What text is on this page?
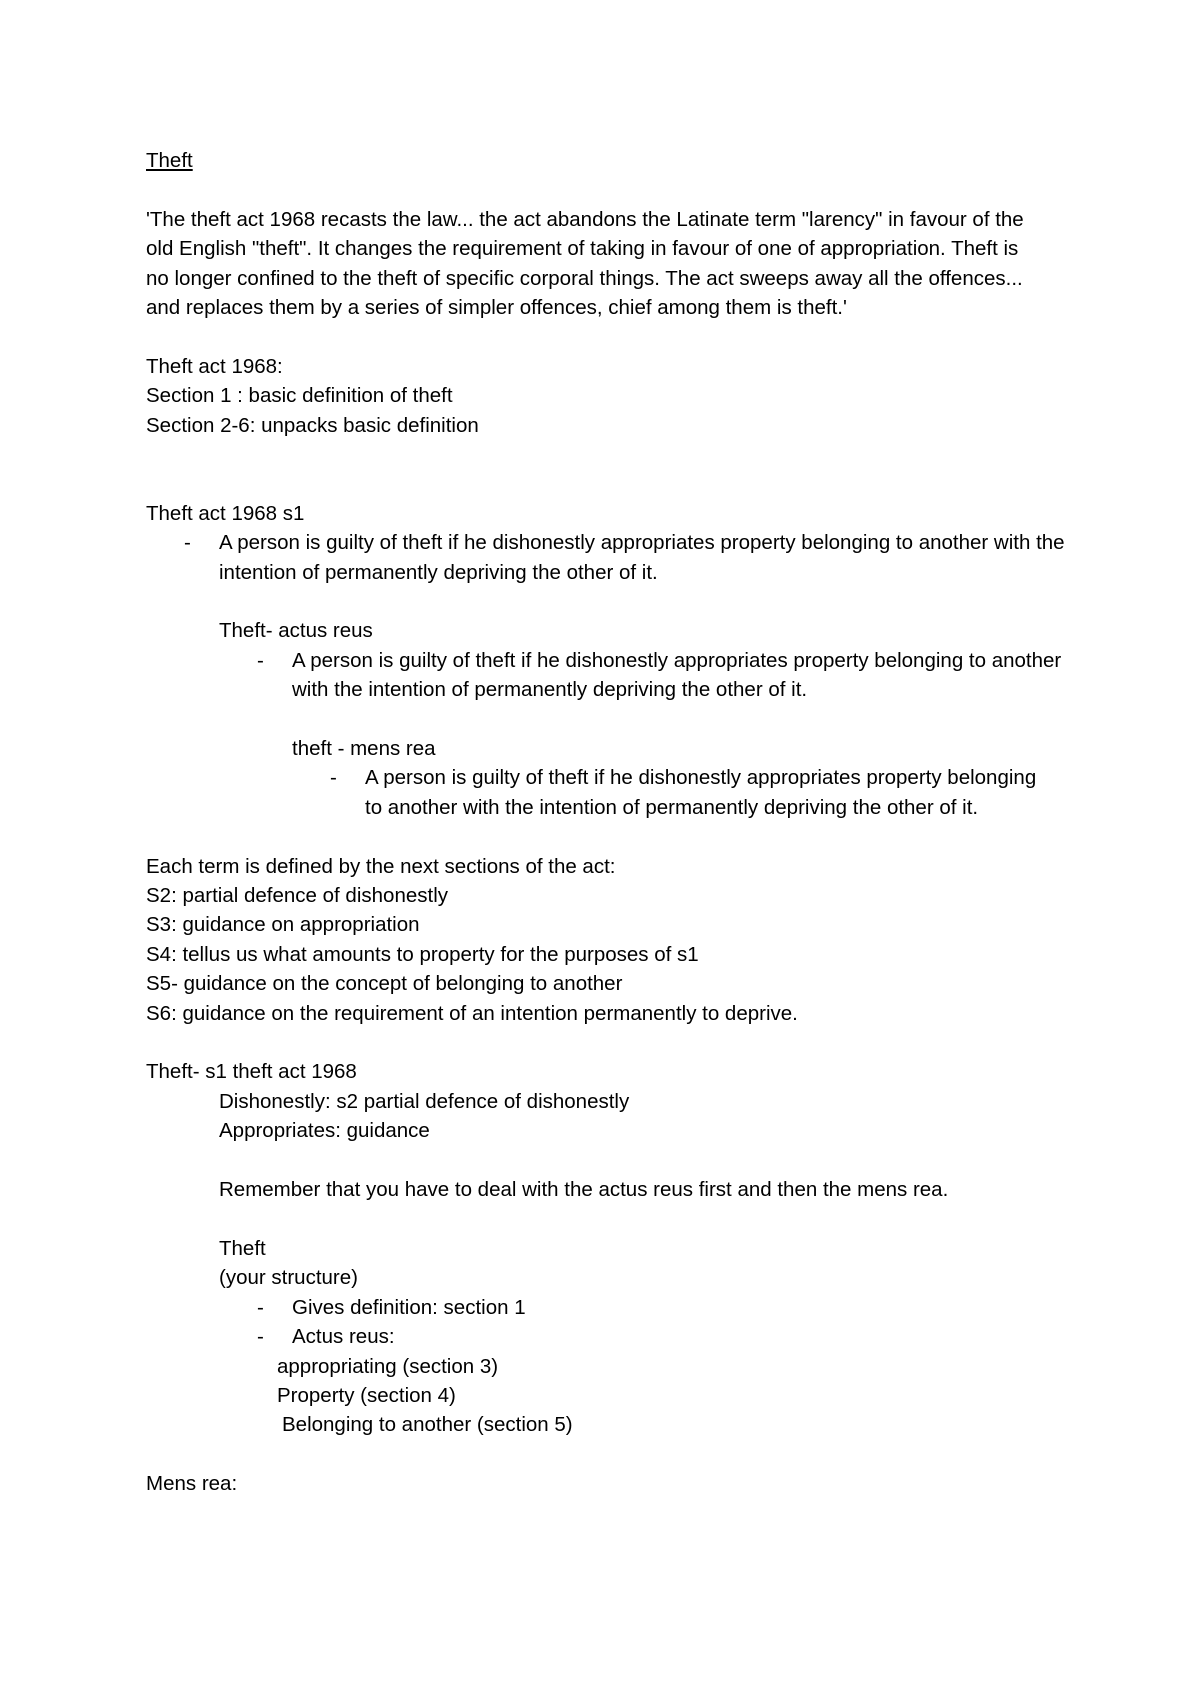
Theft

'The theft act 1968 recasts the law... the act abandons the Latinate term "larency" in favour of the old English "theft". It changes the requirement of taking in favour of one of appropriation. Theft is no longer confined to the theft of specific corporal things. The act sweeps away all the offences... and replaces them by a series of simpler offences, chief among them is theft.'

Theft act 1968:

Section 1 : basic definition of theft

Section 2-6: unpacks basic definition

Theft act 1968 s1

- A person is guilty of theft if he dishonestly appropriates property belonging to another with the intention of permanently depriving the other of it.

Theft- actus reus

- A person is guilty of theft if he dishonestly appropriates property belonging to another with the intention of permanently depriving the other of it.

theft - mens rea

- A person is guilty of theft if he dishonestly appropriates property belonging to another with the intention of permanently depriving the other of it.

Each term is defined by the next sections of the act:

S2: partial defence of dishonestly

S3: guidance on appropriation

S4: tellus us what amounts to property for the purposes of s1

S5- guidance on the concept of belonging to another

S6: guidance on the requirement of an intention permanently to deprive.

Theft- s1 theft act 1968

Dishonestly: s2 partial defence of dishonestly

Appropriates: guidance

Remember that you have to deal with the actus reus first and then the mens rea.

Theft

(your structure)

- Gives definition: section 1

- Actus reus:

appropriating (section 3)

Property (section 4)

Belonging to another (section 5)

Mens rea:
